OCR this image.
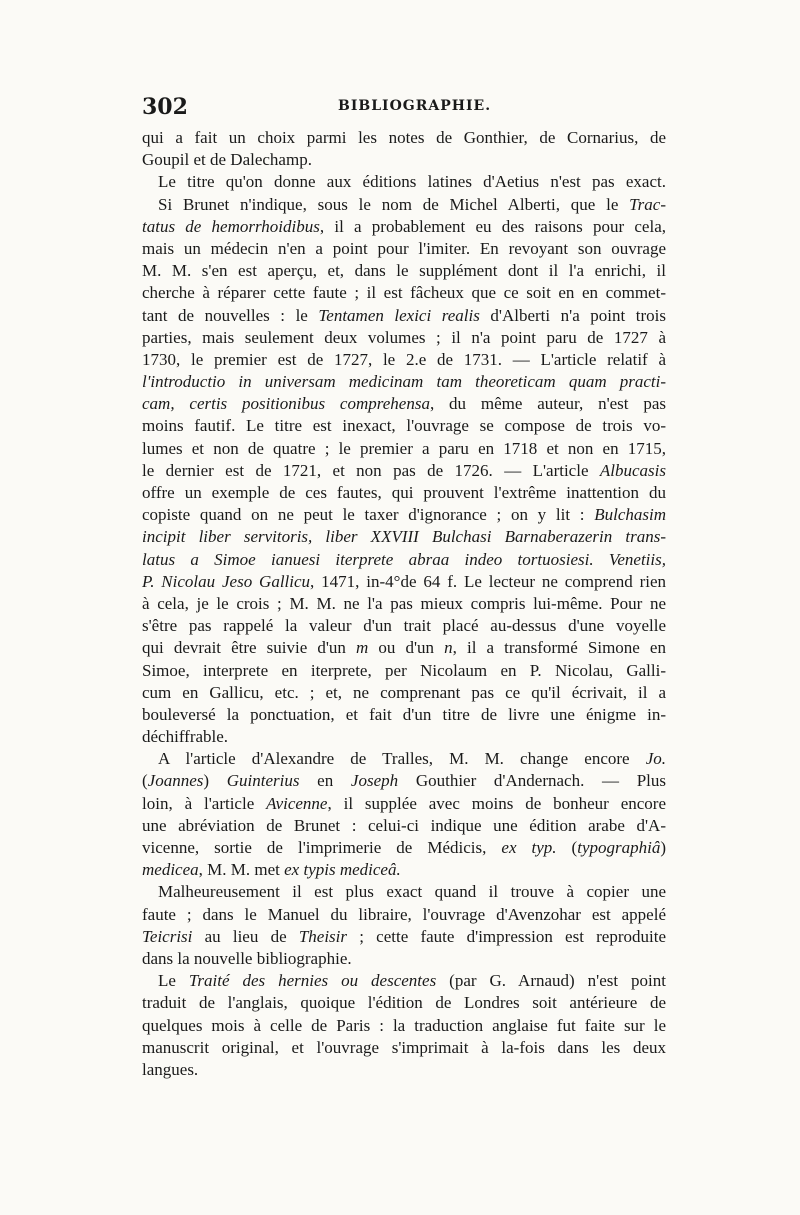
302	BIBLIOGRAPHIE.
qui a fait un choix parmi les notes de Gonthier, de Cornarius, de
Goupil et de Dalechamp.
Le titre qu'on donne aux éditions latines d'Aetius n'est pas exact.
Si Brunet n'indique, sous le nom de Michel Alberti, que le Trac-
tatus de hemorrhoidibus, il a probablement eu des raisons pour cela,
mais un médecin n'en a point pour l'imiter. En revoyant son ouvrage
M. M. s'en est aperçu, et, dans le supplément dont il l'a enrichi, il
cherche à réparer cette faute ; il est fâcheux que ce soit en en commet-
tant de nouvelles : le Tentamen lexici realis d'Alberti n'a point trois
parties, mais seulement deux volumes ; il n'a point paru de 1727 à
1730, le premier est de 1727, le 2.e de 1731. — L'article relatif à
l'introductio in universam medicinam tam theoreticam quam practi-
cam, certis positionibus comprehensa, du même auteur, n'est pas
moins fautif. Le titre est inexact, l'ouvrage se compose de trois vo-
lumes et non de quatre ; le premier a paru en 1718 et non en 1715,
le dernier est de 1721, et non pas de 1726. — L'article Albucasis
offre un exemple de ces fautes, qui prouvent l'extrême inattention du
copiste quand on ne peut le taxer d'ignorance ; on y lit : Bulchasim
incipit liber servitoris, liber XXVIII Bulchasi Barnaberazerin trans-
latus a Simoe ianuesi iterprete abraa indeo tortuosiesi. Venetiis,
P. Nicolau Jeso Gallicu, 1471, in-4°de 64 f. Le lecteur ne comprend rien
à cela, je le crois ; M. M. ne l'a pas mieux compris lui-même. Pour ne
s'être pas rappelé la valeur d'un trait placé au-dessus d'une voyelle
qui devrait être suivie d'un m ou d'un n, il a transformé Simone en
Simoe, interprete en iterprete, per Nicolaum en P. Nicolau, Galli-
cum en Gallicu, etc. ; et, ne comprenant pas ce qu'il écrivait, il a
bouleversé la ponctuation, et fait d'un titre de livre une énigme in-
déchiffrable.
A l'article d'Alexandre de Tralles, M. M. change encore Jo.
(Joannes) Guinterius en Joseph Gouthier d'Andernach. — Plus
loin, à l'article Avicenne, il supplée avec moins de bonheur encore
une abréviation de Brunet : celui-ci indique une édition arabe d'A-
vicenne, sortie de l'imprimerie de Médicis, ex typ. (typographiâ)
medicea, M. M. met ex typis mediceâ.
Malheureusement il est plus exact quand il trouve à copier une
faute ; dans le Manuel du libraire, l'ouvrage d'Avenzohar est appelé
Teicrisi au lieu de Theisir ; cette faute d'impression est reproduite
dans la nouvelle bibliographie.
Le Traité des hernies ou descentes (par G. Arnaud) n'est point
traduit de l'anglais, quoique l'édition de Londres soit antérieure de
quelques mois à celle de Paris : la traduction anglaise fut faite sur le
manuscrit original, et l'ouvrage s'imprimait à la-fois dans les deux
langues.
